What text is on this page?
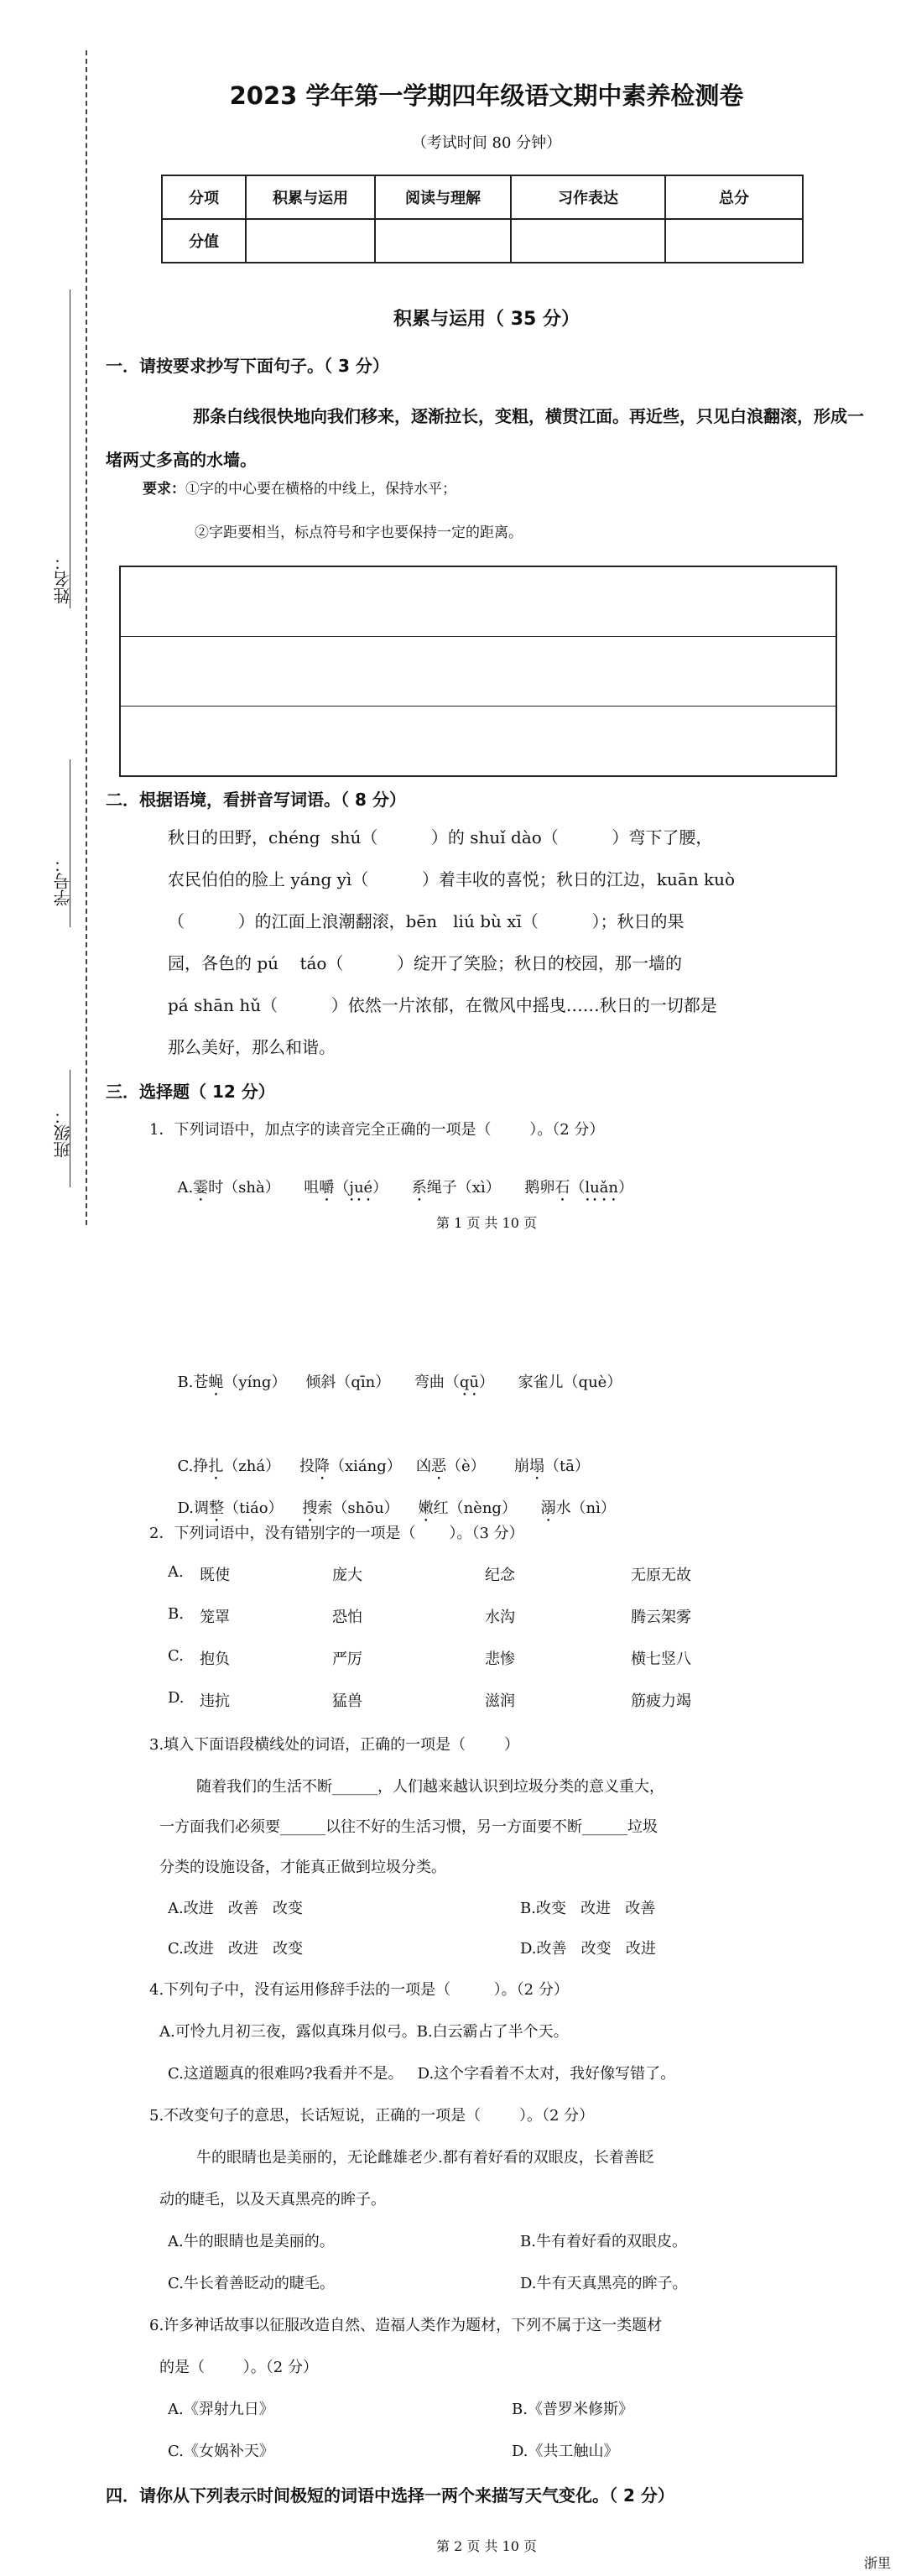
姓名：
学号：
班级：
2023 学年第一学期四年级语文期中素养检测卷
（考试时间 80 分钟）
分项	积累与运用	阅读与理解	习作表达	总分
分值				
积累与运用（ 35 分）
一．请按要求抄写下面句子。（ 3 分）
那条白线很快地向我们移来，逐渐拉长，变粗，横贯江面。再近些，只见白浪翻滚，形成一堵两丈多高的水墙。
要求：①字的中心要在横格的中线上，保持水平；
②字距要相当，标点符号和字也要保持一定的距离。
二．根据语境，看拼音写词语。（ 8 分）
秋日的田野，chéng  shú（          ）的 shuǐ dào（          ）弯下了腰，
农民伯伯的脸上 yáng yì（          ）着丰收的喜悦；秋日的江边，kuān kuò
（          ）的江面上浪潮翻滚，bēn   liú bù xī（          ）；秋日的果
园，各色的 pú    táo（          ）绽开了笑脸；秋日的校园，那一墙的
pá shān hǔ（          ）依然一片浓郁，在微风中摇曳……秋日的一切都是
那么美好，那么和谐。
三．选择题（ 12 分）
1．下列词语中，加点字的读音完全正确的一项是（        ）。（2 分）

A.霎时（shà） 咀嚼（jué） 系绳子（xì） 鹅卵石（luǎn）

第 1 页 共 10 页

B.苍蝇（yíng） 倾斜（qīn） 弯曲（qū） 家雀儿（què）

C.挣扎（zhá） 投降（xiáng） 凶恶（è） 崩塌（tā）

D.调整（tiáo） 搜索（shōu） 嫩红（nèng） 溺水（nì）

2．下列词语中，没有错别字的一项是（       ）。（3 分）
A. 既使	庞大	纪念	无原无故
B. 笼罩	恐怕	水沟	腾云架雾
C. 抱负	严厉	悲惨	横七竖八
D. 违抗	猛兽	滋润	筋疲力竭
3.填入下面语段横线处的词语，正确的一项是（        ）
随着我们的生活不断______，人们越来越认识到垃圾分类的意义重大，
一方面我们必须要______以往不好的生活习惯，另一方面要不断______垃圾
分类的设施设备，才能真正做到垃圾分类。
A.改进   改善   改变	B.改变   改进   改善
C.改进   改进   改变	D.改善   改变   改进
4.下列句子中，没有运用修辞手法的一项是（         ）。（2 分）
A.可怜九月初三夜，露似真珠月似弓。B.白云霸占了半个天。
C.这道题真的很难吗?我看并不是。   D.这个字看着不太对，我好像写错了。
5.不改变句子的意思，长话短说，正确的一项是（        ）。（2 分）
牛的眼睛也是美丽的，无论雌雄老少.都有着好看的双眼皮，长着善眨
动的睫毛，以及天真黑亮的眸子。
A.牛的眼睛也是美丽的。	B.牛有着好看的双眼皮。
C.牛长着善眨动的睫毛。	D.牛有天真黑亮的眸子。
6.许多神话故事以征服改造自然、造福人类作为题材，下列不属于这一类题材
的是（        ）。（2 分）
A.《羿射九日》	B.《普罗米修斯》
C.《女娲补天》	D.《共工触山》
四．请你从下列表示时间极短的词语中选择一两个来描写天气变化。（ 2 分）
第 2 页 共 10 页
浙里
